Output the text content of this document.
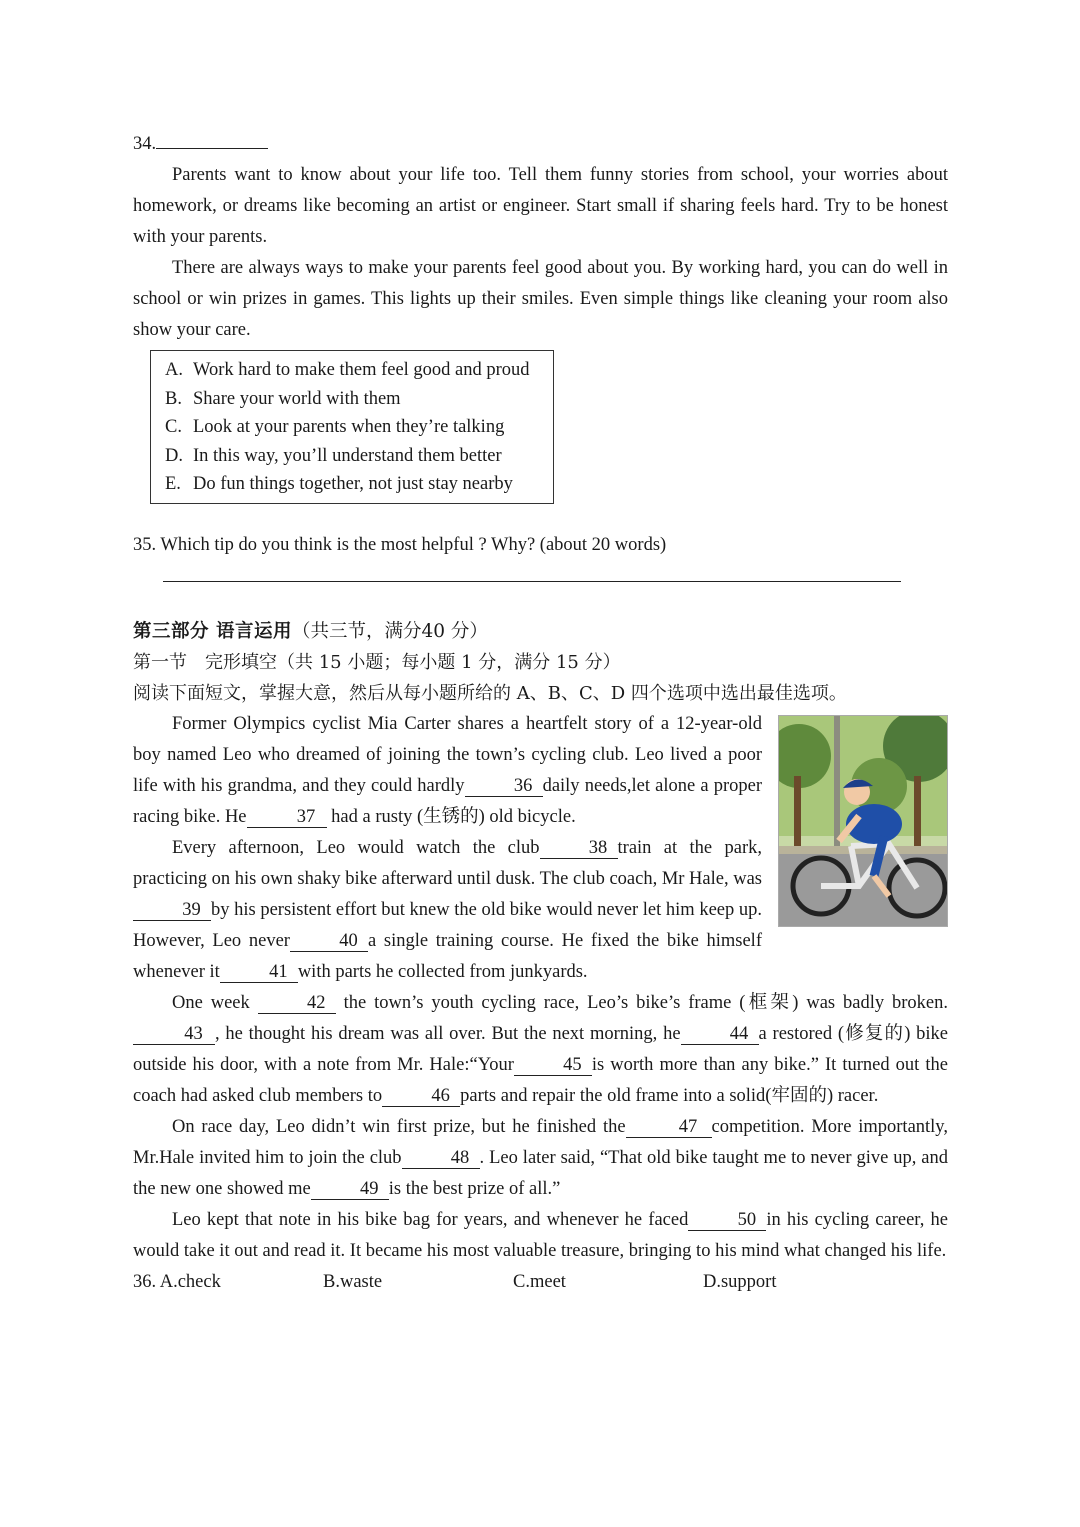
34.

Parents want to know about your life too. Tell them funny stories from school, your worries about homework, or dreams like becoming an artist or engineer. Start small if sharing feels hard. Try to be honest with your parents.

There are always ways to make your parents feel good about you. By working hard, you can do well in school or win prizes in games. This lights up their smiles. Even simple things like cleaning your room also show your care.

A. Work hard to make them feel good and proud
B. Share your world with them
C. Look at your parents when they’re talking
D. In this way, you’ll understand them better
E. Do fun things together, not just stay nearby
35. Which tip do you think is the most helpful ? Why? (about 20 words)
第三部分 语言运用（共三节，满分40 分）
第一节　完形填空（共 15 小题；每小题 1 分，满分 15 分）
阅读下面短文，掌握大意，然后从每小题所给的 A、B、C、D 四个选项中选出最佳选项。

Former Olympics cyclist Mia Carter shares a heartfelt story of a 12-year-old boy named Leo who dreamed of joining the town’s cycling club. Leo lived a poor life with his grandma, and they could hardly	36 daily needs,let alone a proper racing bike. He	37 had a rusty (生锈的) old bicycle.

Every afternoon, Leo would watch the club	38 train at the park, practicing on his own shaky bike afterward until dusk. The club coach, Mr Hale, was39 by his persistent effort but knew the old bike would never let him keep up. However, Leo never	40 a single training course. He fixed the bike himself whenever it	41 with parts he collected from junkyards.

One week	42 the town’s youth cycling race, Leo’s bike’s frame (框架) was badly broken.43 , he thought his dream was all over. But the next morning, he	44 a restored (修复的) bike outside his door, with a note from Mr. Hale:“Your	45 is worth more than any bike.” It turned out the coach had asked club members to	46 parts and repair the old frame into a solid(牢固的) racer.

On race day, Leo didn’t win first prize, but he finished the	47 competition. More importantly, Mr.Hale invited him to join the club	48 . Leo later said, “That old bike taught me to never give up, and the new one showed me	49 is the best prize of all.”

Leo kept that note in his bike bag for years, and whenever he faced	50 in his cycling career, he would take it out and read it. It became his most valuable treasure, bringing to his mind what changed his life.

36. A.check	B.waste	C.meet	D.support
